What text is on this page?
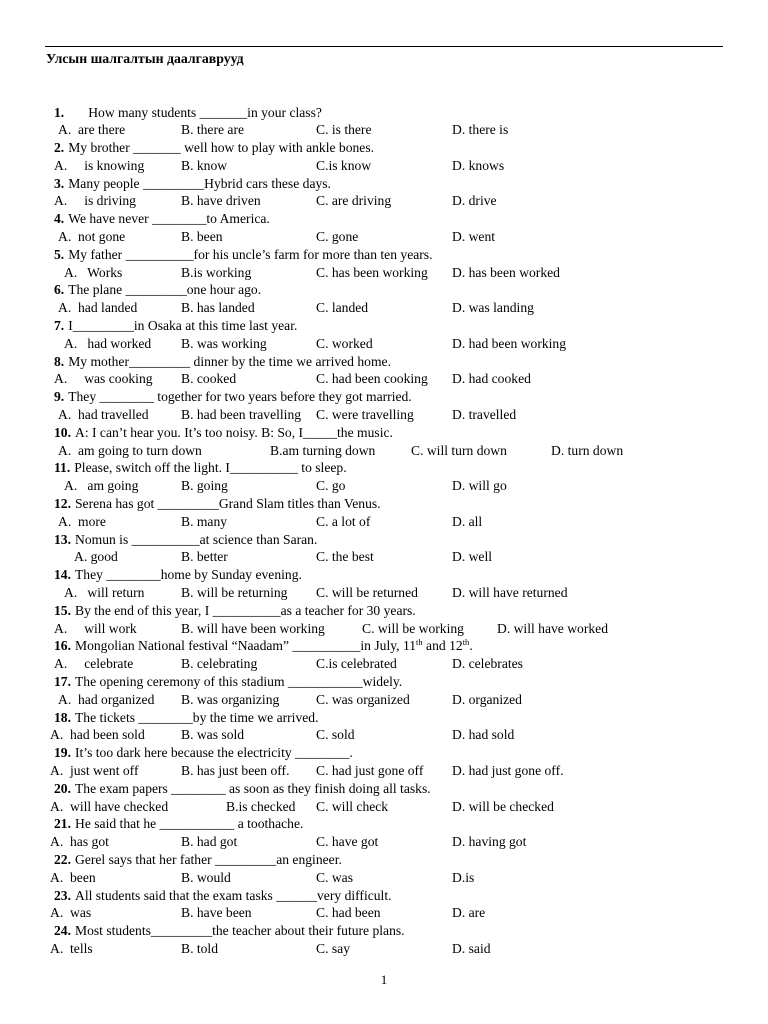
Улсын шалгалтын даалгаврууд
1. How many students _______in your class?
A.  are there	B. there are	C. is there	D. there is
2. My brother _______ well how to play with ankle bones.
A.     is knowing	B. know	C.is know	D. knows
3. Many people _________Hybrid cars these days.
A.     is driving	B. have driven	C. are driving	D. drive
4. We have never ________to America.
A.  not gone	B. been	C. gone	D. went
5. My father __________for his uncle’s farm for more than ten years.
A.   Works	B.is working	C. has been working D. has been worked
6. The plane _________one hour ago.
A.  had landed	B. has landed	C. landed	D. was landing
7. I_________in Osaka at this time last year.
A.   had worked B. was working	C. worked	D. had been working
8. My mother_________ dinner by the time we arrived home.
A.     was cooking B. cooked	C. had been cooking D. had cooked
9. They ________ together for two years before they got married.
A.  had travelled B. had been travelling C. were travelling	D. travelled
10. A: I can’t hear you. It’s too noisy. B: So, I_____the music.
A.  am going to turn down	B.am turning down	C. will turn down	D. turn down
11. Please, switch off the light. I__________ to sleep.
A.   am going	B. going	C. go	D. will go
12. Serena has got _________Grand Slam titles than Venus.
A.  more	B. many	C. a lot of	D. all
13. Nomun is __________at science than Saran.
A. good	B. better	C. the best	D. well
14. They ________home by Sunday evening.
A.   will return	B. will be returning C. will be returned	D. will have returned
15. By the end of this year, I __________as a teacher for 30 years.
A.     will work	B. will have been working	C. will be working D. will have worked
16. Mongolian National festival “Naadam” __________in July, 11th and 12th.
A.     celebrate	B. celebrating	C.is celebrated	D. celebrates
17. The opening ceremony of this stadium ___________widely.
A.  had organized B. was organizing	C. was organized	D. organized
18. The tickets ________by the time we arrived.
A.  had been sold	B. was sold	C. sold	D. had sold
19. It’s too dark here because the electricity ________.
A.  just went off	B. has just been off. C. had just gone off D. had just gone off.
20. The exam papers ________ as soon as they finish doing all tasks.
A.  will have checked	B.is checked C. will check	D. will be checked
21. He said that he ___________ a toothache.
A.  has got	B. had got	C. have got	D. having got
22. Gerel says that her father _________an engineer.
A.  been	B. would	C. was	D.is
23. All students said that the exam tasks ______very difficult.
A.  was	B. have been	C. had been	D. are
24. Most students_________the teacher about their future plans.
A.  tells	B. told	C. say	D. said
1
